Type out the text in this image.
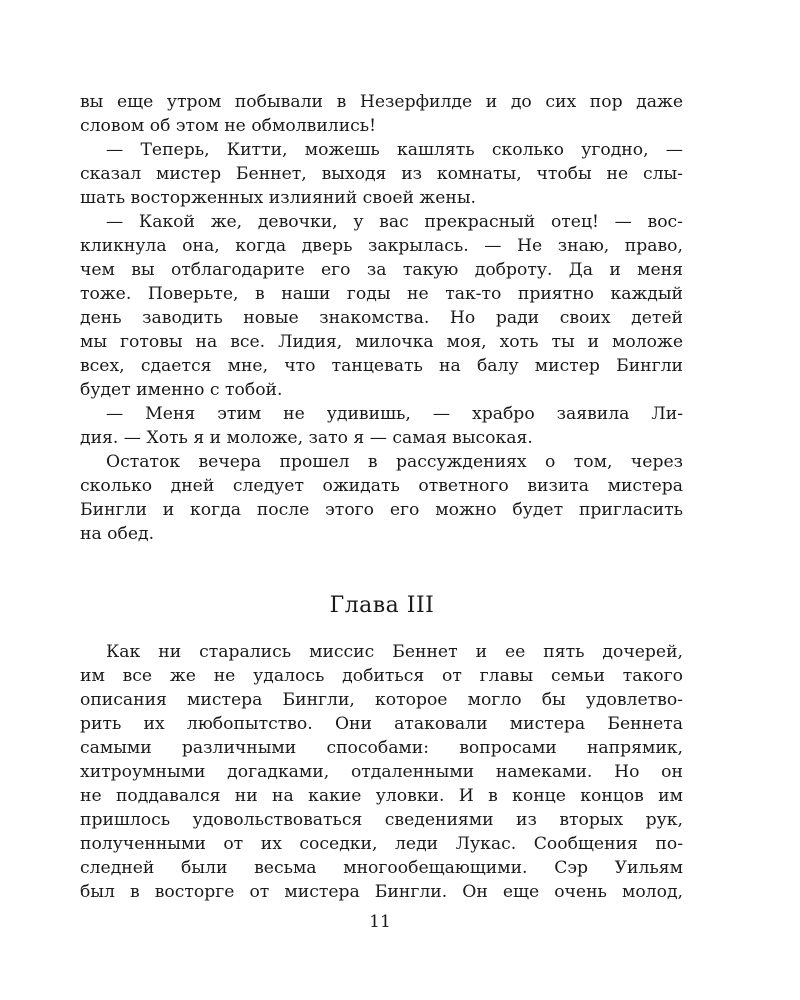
вы еще утром побывали в Незерфилде и до сих пор даже
словом об этом не обмолвились!
— Теперь, Китти, можешь кашлять сколько угодно, —
сказал мистер Беннет, выходя из комнаты, чтобы не слы-
шать восторженных излияний своей жены.
— Какой же, девочки, у вас прекрасный отец! — вос-
кликнула она, когда дверь закрылась. — Не знаю, право,
чем вы отблагодарите его за такую доброту. Да и меня
тоже. Поверьте, в наши годы не так-то приятно каждый
день заводить новые знакомства. Но ради своих детей
мы готовы на все. Лидия, милочка моя, хоть ты и моложе
всех, сдается мне, что танцевать на балу мистер Бингли
будет именно с тобой.
— Меня этим не удивишь, — храбро заявила Ли-
дия. — Хоть я и моложе, зато я — самая высокая.
Остаток вечера прошел в рассуждениях о том, через
сколько дней следует ожидать ответного визита мистера
Бингли и когда после этого его можно будет пригласить
на обед.
Глава III
Как ни старались миссис Беннет и ее пять дочерей,
им все же не удалось добиться от главы семьи такого
описания мистера Бингли, которое могло бы удовлетво-
рить их любопытство. Они атаковали мистера Беннета
самыми различными способами: вопросами напрямик,
хитроумными догадками, отдаленными намеками. Но он
не поддавался ни на какие уловки. И в конце концов им
пришлось удовольствоваться сведениями из вторых рук,
полученными от их соседки, леди Лукас. Сообщения по-
следней были весьма многообещающими. Сэр Уильям
был в восторге от мистера Бингли. Он еще очень молод,
11
